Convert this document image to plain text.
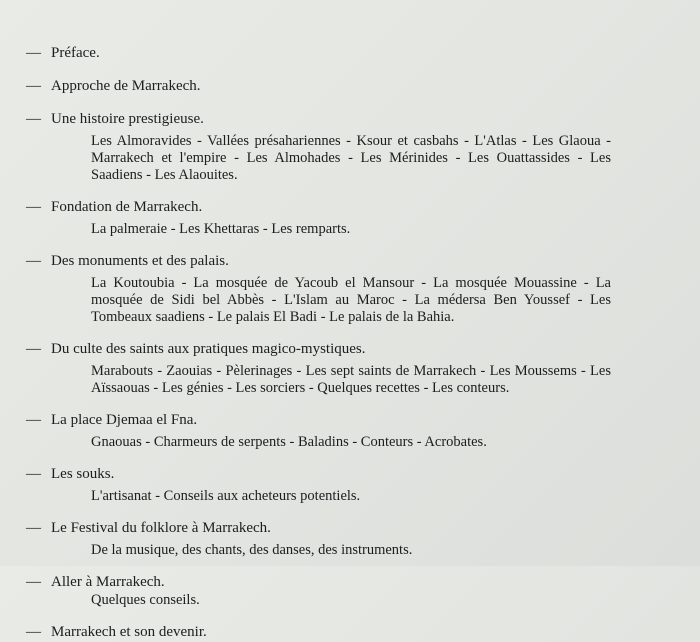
— Préface.
— Approche de Marrakech.
— Une histoire prestigieuse.
Les Almoravides - Vallées présahariennes - Ksour et casbahs - L'Atlas - Les Glaoua - Marrakech et l'empire - Les Almohades - Les Mérinides - Les Ouattassides - Les Saadiens - Les Alaouites.
— Fondation de Marrakech.
La palmeraie - Les Khettaras - Les remparts.
— Des monuments et des palais.
La Koutoubia - La mosquée de Yacoub el Mansour - La mosquée Mouassine - La mosquée de Sidi bel Abbès - L'Islam au Maroc - La médersa Ben Youssef - Les Tombeaux saadiens - Le palais El Badi - Le palais de la Bahia.
— Du culte des saints aux pratiques magico-mystiques.
Marabouts - Zaouias - Pèlerinages - Les sept saints de Marrakech - Les Moussems - Les Aïssaouas - Les génies - Les sorciers - Quelques recettes - Les conteurs.
— La place Djemaa el Fna.
Gnaouas - Charmeurs de serpents - Baladins - Conteurs - Acrobates.
— Les souks.
L'artisanat - Conseils aux acheteurs potentiels.
— Le Festival du folklore à Marrakech.
De la musique, des chants, des danses, des instruments.
— Aller à Marrakech.
Quelques conseils.
— Marrakech et son devenir.
